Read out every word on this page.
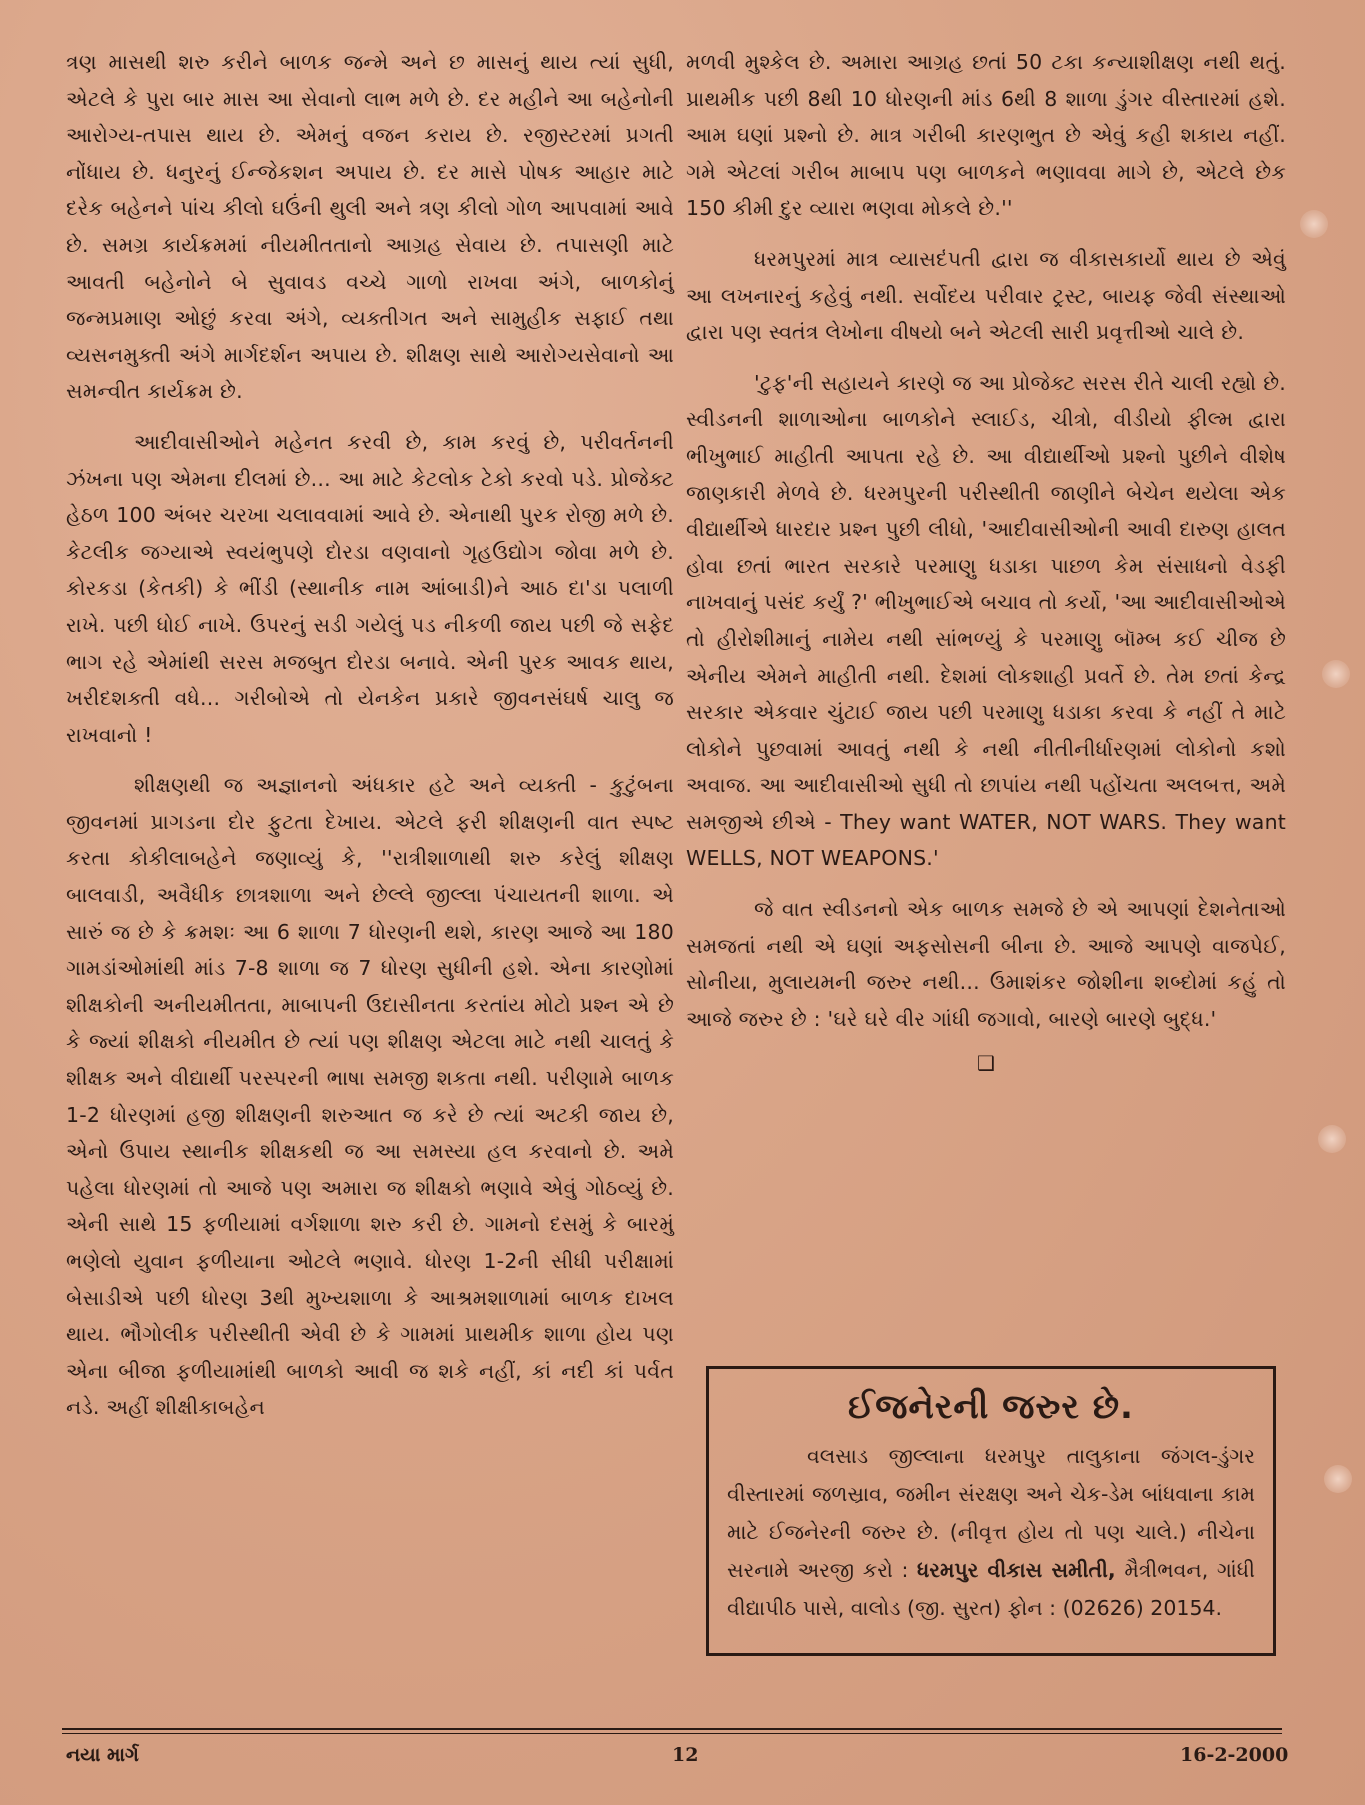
ત્રણ માસથી શરુ કરીને બાળક જન્મે અને છ માસનું થાય ત્યાં સુધી, એટલે કે પુરા બાર માસ આ સેવાનો લાભ મળે છે. દર મહીને આ બહેનોની આરોગ્ય-તપાસ થાય છે. એમનું વજન કરાય છે. રજીસ્ટરમાં પ્રગતી નોંધાય છે. ધનુરનું ઈન્જેકશન અપાય છે. દર માસે પોષક આહાર માટે દરેક બહેનને પાંચ કીલો ઘઉંની થુલી અને ત્રણ કીલો ગોળ આપવામાં આવે છે. સમગ્ર કાર્યક્રમમાં નીયમીતતાનો આગ્રહ સેવાય છે. તપાસણી માટે આવતી બહેનોને બે સુવાવડ વચ્ચે ગાળો રાખવા અંગે, બાળકોનું જન્મપ્રમાણ ઓછું કરવા અંગે, વ્યક્તીગત અને સામુહીક સફાઈ તથા વ્યસનમુક્તી અંગે માર્ગદર્શન અપાય છે. શીક્ષણ સાથે આરોગ્યસેવાનો આ સમન્વીત કાર્યક્રમ છે.

આદીવાસીઓને મહેનત કરવી છે, કામ કરવું છે, પરીવર્તનની ઝંખના પણ એમના દીલમાં છે... આ માટે કેટલોક ટેકો કરવો પડે. પ્રોજેક્ટ હેઠળ 100 અંબર ચરખા ચલાવવામાં આવે છે. એનાથી પુરક રોજી મળે છે. કેટલીક જગ્યાએ સ્વયંભુપણે દોરડા વણવાનો ગૃહઉદ્યોગ જોવા મળે છે. કોરકડા (કેતકી) કે ભીંડી (સ્થાનીક નામ આંબાડી)ને આઠ દા'ડા પલાળી રાખે. પછી ધોઈ નાખે. ઉપરનું સડી ગયેલું પડ નીકળી જાય પછી જે સફેદ ભાગ રહે એમાંથી સરસ મજબુત દોરડા બનાવે. એની પુરક આવક થાય, ખરીદશક્તી વધે... ગરીબોએ તો યેનકેન પ્રકારે જીવનસંઘર્ષ ચાલુ જ રાખવાનો !

શીક્ષણથી જ અજ્ઞાનનો અંધકાર હટે અને વ્યક્તી - કુટુંબના જીવનમાં પ્રાગડના દોર ફુટતા દેખાય. એટલે ફરી શીક્ષણની વાત સ્પષ્ટ કરતા કોકીલાબહેને જણાવ્યું કે, ''રાત્રીશાળાથી શરુ કરેલું શીક્ષણ બાલવાડી, અવૈધીક છાત્રશાળા અને છેલ્લે જીલ્લા પંચાયતની શાળા. એ સારું જ છે કે ક્રમશઃ આ 6 શાળા 7 ધોરણની થશે, કારણ આજે આ 180 ગામડાંઓમાંથી માંડ 7-8 શાળા જ 7 ધોરણ સુધીની હશે. એના કારણોમાં શીક્ષકોની અનીયમીતતા, માબાપની ઉદાસીનતા કરતાંય મોટો પ્રશ્ન એ છે કે જ્યાં શીક્ષકો નીયમીત છે ત્યાં પણ શીક્ષણ એટલા માટે નથી ચાલતું કે શીક્ષક અને વીદ્યાર્થી પરસ્પરની ભાષા સમજી શકતા નથી. પરીણામે બાળક 1-2 ધોરણમાં હજી શીક્ષણની શરુઆત જ કરે છે ત્યાં અટકી જાય છે, એનો ઉપાય સ્થાનીક શીક્ષકથી જ આ સમસ્યા હલ કરવાનો છે. અમે પહેલા ધોરણમાં તો આજે પણ અમારા જ શીક્ષકો ભણાવે એવું ગોઠવ્યું છે. એની સાથે 15 ફળીયામાં વર્ગશાળા શરુ કરી છે. ગામનો દસમું કે બારમું ભણેલો યુવાન ફળીયાના ઓટલે ભણાવે. ધોરણ 1-2ની સીધી પરીક્ષામાં બેસાડીએ પછી ધોરણ 3થી મુખ્યશાળા કે આશ્રમશાળામાં બાળક દાખલ થાય. ભૌગોલીક પરીસ્થીતી એવી છે કે ગામમાં પ્રાથમીક શાળા હોય પણ એના બીજા ફળીયામાંથી બાળકો આવી જ શકે નહીં, કાં નદી કાં પર્વત નડે. અહીં શીક્ષીકાબહેન

મળવી મુશ્કેલ છે. અમારા આગ્રહ છતાં 50 ટકા કન્યાશીક્ષણ નથી થતું. પ્રાથમીક પછી 8થી 10 ધોરણની માંડ 6થી 8 શાળા ડુંગર વીસ્તારમાં હશે. આમ ઘણાં પ્રશ્નો છે. માત્ર ગરીબી કારણભુત છે એવું કહી શકાય નહીં. ગમે એટલાં ગરીબ માબાપ પણ બાળકને ભણાવવા માગે છે, એટલે છેક 150 કીમી દુર વ્યારા ભણવા મોકલે છે.''

ધરમપુરમાં માત્ર વ્યાસદંપતી દ્વારા જ વીકાસકાર્યો થાય છે એવું આ લખનારનું કહેવું નથી. સર્વોદય પરીવાર ટ્રસ્ટ, બાયફ જેવી સંસ્થાઓ દ્વારા પણ સ્વતંત્ર લેખોના વીષયો બને એટલી સારી પ્રવૃત્તીઓ ચાલે છે.

'ટુફ'ની સહાયને કારણે જ આ પ્રોજેક્ટ સરસ રીતે ચાલી રહ્યો છે. સ્વીડનની શાળાઓના બાળકોને સ્લાઈડ, ચીત્રો, વીડીયો ફીલ્મ દ્વારા ભીખુભાઈ માહીતી આપતા રહે છે. આ વીદ્યાર્થીઓ પ્રશ્નો પુછીને વીશેષ જાણકારી મેળવે છે. ધરમપુરની પરીસ્થીતી જાણીને બેચેન થયેલા એક વીદ્યાર્થીએ ધારદાર પ્રશ્ન પુછી લીધો, 'આદીવાસીઓની આવી દારુણ હાલત હોવા છતાં ભારત સરકારે પરમાણુ ધડાકા પાછળ કેમ સંસાધનો વેડફી નાખવાનું પસંદ કર્યું ?' ભીખુભાઈએ બચાવ તો કર્યો, 'આ આદીવાસીઓએ તો હીરોશીમાનું નામેય નથી સાંભળ્યું કે પરમાણુ બૉમ્બ કઈ ચીજ છે એનીય એમને માહીતી નથી. દેશમાં લોકશાહી પ્રવર્તે છે. તેમ છતાં કેન્દ્ર સરકાર એકવાર ચુંટાઈ જાય પછી પરમાણુ ધડાકા કરવા કે નહીં તે માટે લોકોને પુછવામાં આવતું નથી કે નથી નીતીનીર્ધારણમાં લોકોનો કશો અવાજ. આ આદીવાસીઓ સુધી તો છાપાંય નથી પહોંચતા અલબત્ત, અમે સમજીએ છીએ - They want WATER, NOT WARS. They want WELLS, NOT WEAPONS.'

જે વાત સ્વીડનનો એક બાળક સમજે છે એ આપણાં દેશનેતાઓ સમજતાં નથી એ ઘણાં અફસોસની બીના છે. આજે આપણે વાજપેઈ, સોનીયા, મુલાયમની જરુર નથી... ઉમાશંકર જોશીના શબ્દોમાં કહું તો આજે જરુર છે : 'ઘરે ઘરે વીર ગાંધી જગાવો, બારણે બારણે બુદ્ધ.'

❑
ઈજનેરની જરુર છે.

વલસાડ જીલ્લાના ધરમપુર તાલુકાના જંગલ-ડુંગર વીસ્તારમાં જળસ્રાવ, જમીન સંરક્ષણ અને ચેક-ડેમ બાંધવાના કામ માટે ઈજનેરની જરુર છે. (નીવૃત્ત હોય તો પણ ચાલે.) નીચેના સરનામે અરજી કરો : ધરમપુર વીકાસ સમીતી, મૈત્રીભવન, ગાંધી વીદ્યાપીઠ પાસે, વાલોડ (જી. સુરત) ફોન : (02626) 20154.

નયા માર્ગ	12	16-2-2000
